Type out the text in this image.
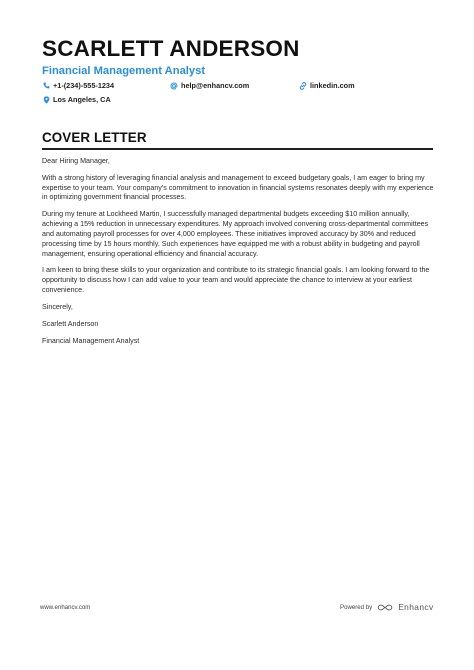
SCARLETT ANDERSON
Financial Management Analyst
+1-(234)-555-1234	help@enhancv.com	linkedin.com
Los Angeles, CA
COVER LETTER

Dear Hiring Manager,

With a strong history of leveraging financial analysis and management to exceed budgetary goals, I am eager to bring my expertise to your team. Your company's commitment to innovation in financial systems resonates deeply with my experience in optimizing government financial processes.

During my tenure at Lockheed Martin, I successfully managed departmental budgets exceeding $10 million annually, achieving a 15% reduction in unnecessary expenditures. My approach involved convening cross-departmental committees and automating payroll processes for over 4,000 employees. These initiatives improved accuracy by 30% and reduced processing time by 15 hours monthly. Such experiences have equipped me with a robust ability in budgeting and payroll management, ensuring operational efficiency and financial accuracy.

I am keen to bring these skills to your organization and contribute to its strategic financial goals. I am looking forward to the opportunity to discuss how I can add value to your team and would appreciate the chance to interview at your earliest convenience.

Sincerely,

Scarlett Anderson

Financial Management Analyst

www.enhancv.com	Powered by	Enhancv
